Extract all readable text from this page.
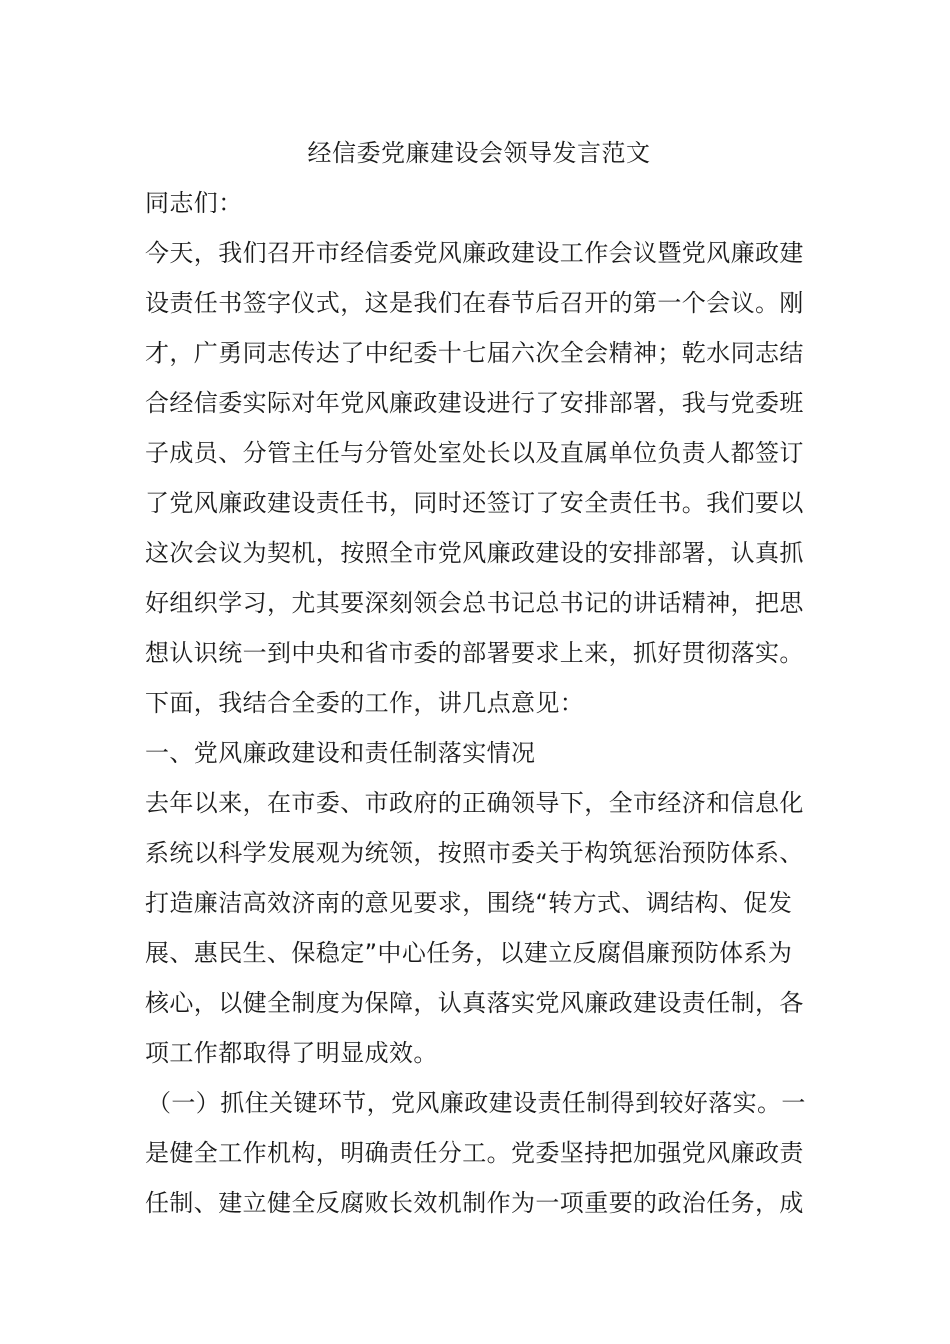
经信委党廉建设会领导发言范文

同志们：

今天，我们召开市经信委党风廉政建设工作会议暨党风廉政建

设责任书签字仪式，这是我们在春节后召开的第一个会议。刚

才，广勇同志传达了中纪委十七届六次全会精神；乾水同志结

合经信委实际对年党风廉政建设进行了安排部署，我与党委班

子成员、分管主任与分管处室处长以及直属单位负责人都签订

了党风廉政建设责任书，同时还签订了安全责任书。我们要以

这次会议为契机，按照全市党风廉政建设的安排部署，认真抓

好组织学习，尤其要深刻领会总书记总书记的讲话精神，把思

想认识统一到中央和省市委的部署要求上来，抓好贯彻落实。

下面，我结合全委的工作，讲几点意见：

一、党风廉政建设和责任制落实情况

去年以来，在市委、市政府的正确领导下，全市经济和信息化

系统以科学发展观为统领，按照市委关于构筑惩治预防体系、

打造廉洁高效济南的意见要求，围绕“转方式、调结构、促发

展、惠民生、保稳定”中心任务，以建立反腐倡廉预防体系为

核心，以健全制度为保障，认真落实党风廉政建设责任制，各

项工作都取得了明显成效。

（一）抓住关键环节，党风廉政建设责任制得到较好落实。一

是健全工作机构，明确责任分工。党委坚持把加强党风廉政责

任制、建立健全反腐败长效机制作为一项重要的政治任务，成
